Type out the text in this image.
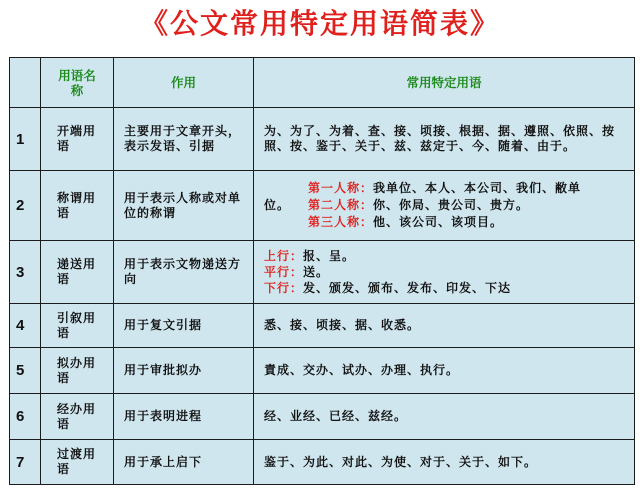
《公文常用特定用语简表》
	用语名称	作用	常用特定用语
1	开端用语	主要用于文章开头，表示发语、引据	为、为了、为着、查、接、顷接、根据、据、遵照、依照、按照、按、鉴于、关于、兹、兹定于、今、随着、由于。
2	称谓用语	用于表示人称或对单位的称谓	位。
第一人称：我单位、本人、本公司、我们、敝单
第二人称：你、你局、贵公司、贵方。
第三人称：他、该公司、该项目。

3	递送用语	用于表示文物递送方向	上行：报、呈。
平行：送。
下行：发、颁发、颁布、发布、印发、下达

4	引叙用语	用于复文引据	悉、接、顷接、据、收悉。
5	拟办用语	用于审批拟办	責成、交办、试办、办理、执行。
6	经办用语	用于表明进程	经、业经、已经、兹经。
7	过渡用语	用于承上启下	鉴于、为此、对此、为使、对于、关于、如下。
